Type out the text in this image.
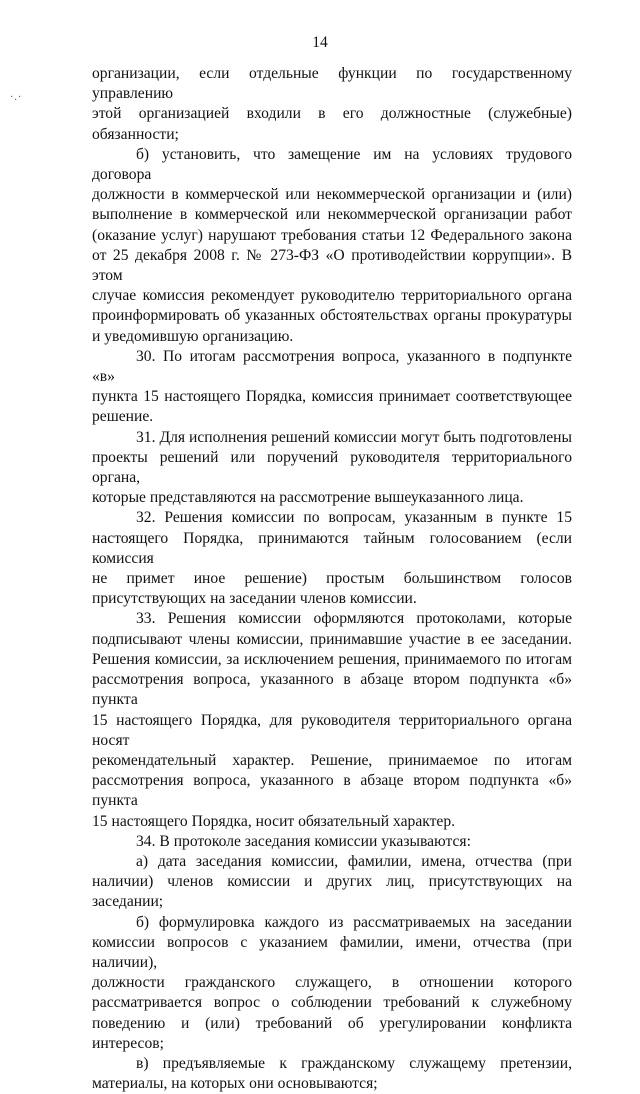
14
·.·

организации, если отдельные функции по государственному управлению
этой организацией входили в его должностные (служебные) обязанности;

б) установить, что замещение им на условиях трудового договора
должности в коммерческой или некоммерческой организации и (или)
выполнение в коммерческой или некоммерческой организации работ
(оказание услуг) нарушают требования статьи 12 Федерального закона
от 25 декабря 2008 г. № 273-ФЗ «О противодействии коррупции». В этом
случае комиссия рекомендует руководителю территориального органа
проинформировать об указанных обстоятельствах органы прокуратуры
и уведомившую организацию.

30. По итогам рассмотрения вопроса, указанного в подпункте «в»
пункта 15 настоящего Порядка, комиссия принимает соответствующее
решение.

31. Для исполнения решений комиссии могут быть подготовлены
проекты решений или поручений руководителя территориального органа,
которые представляются на рассмотрение вышеуказанного лица.

32. Решения комиссии по вопросам, указанным в пункте 15
настоящего Порядка, принимаются тайным голосованием (если комиссия
не примет иное решение) простым большинством голосов
присутствующих на заседании членов комиссии.

33. Решения комиссии оформляются протоколами, которые
подписывают члены комиссии, принимавшие участие в ее заседании.
Решения комиссии, за исключением решения, принимаемого по итогам
рассмотрения вопроса, указанного в абзаце втором подпункта «б» пункта
15 настоящего Порядка, для руководителя территориального органа носят
рекомендательный характер. Решение, принимаемое по итогам
рассмотрения вопроса, указанного в абзаце втором подпункта «б» пункта
15 настоящего Порядка, носит обязательный характер.

34. В протоколе заседания комиссии указываются:

а) дата заседания комиссии, фамилии, имена, отчества (при
наличии) членов комиссии и других лиц, присутствующих на заседании;

б) формулировка каждого из рассматриваемых на заседании
комиссии вопросов с указанием фамилии, имени, отчества (при наличии),
должности гражданского служащего, в отношении которого
рассматривается вопрос о соблюдении требований к служебному
поведению и (или) требований об урегулировании конфликта интересов;

в) предъявляемые к гражданскому служащему претензии,
материалы, на которых они основываются;
